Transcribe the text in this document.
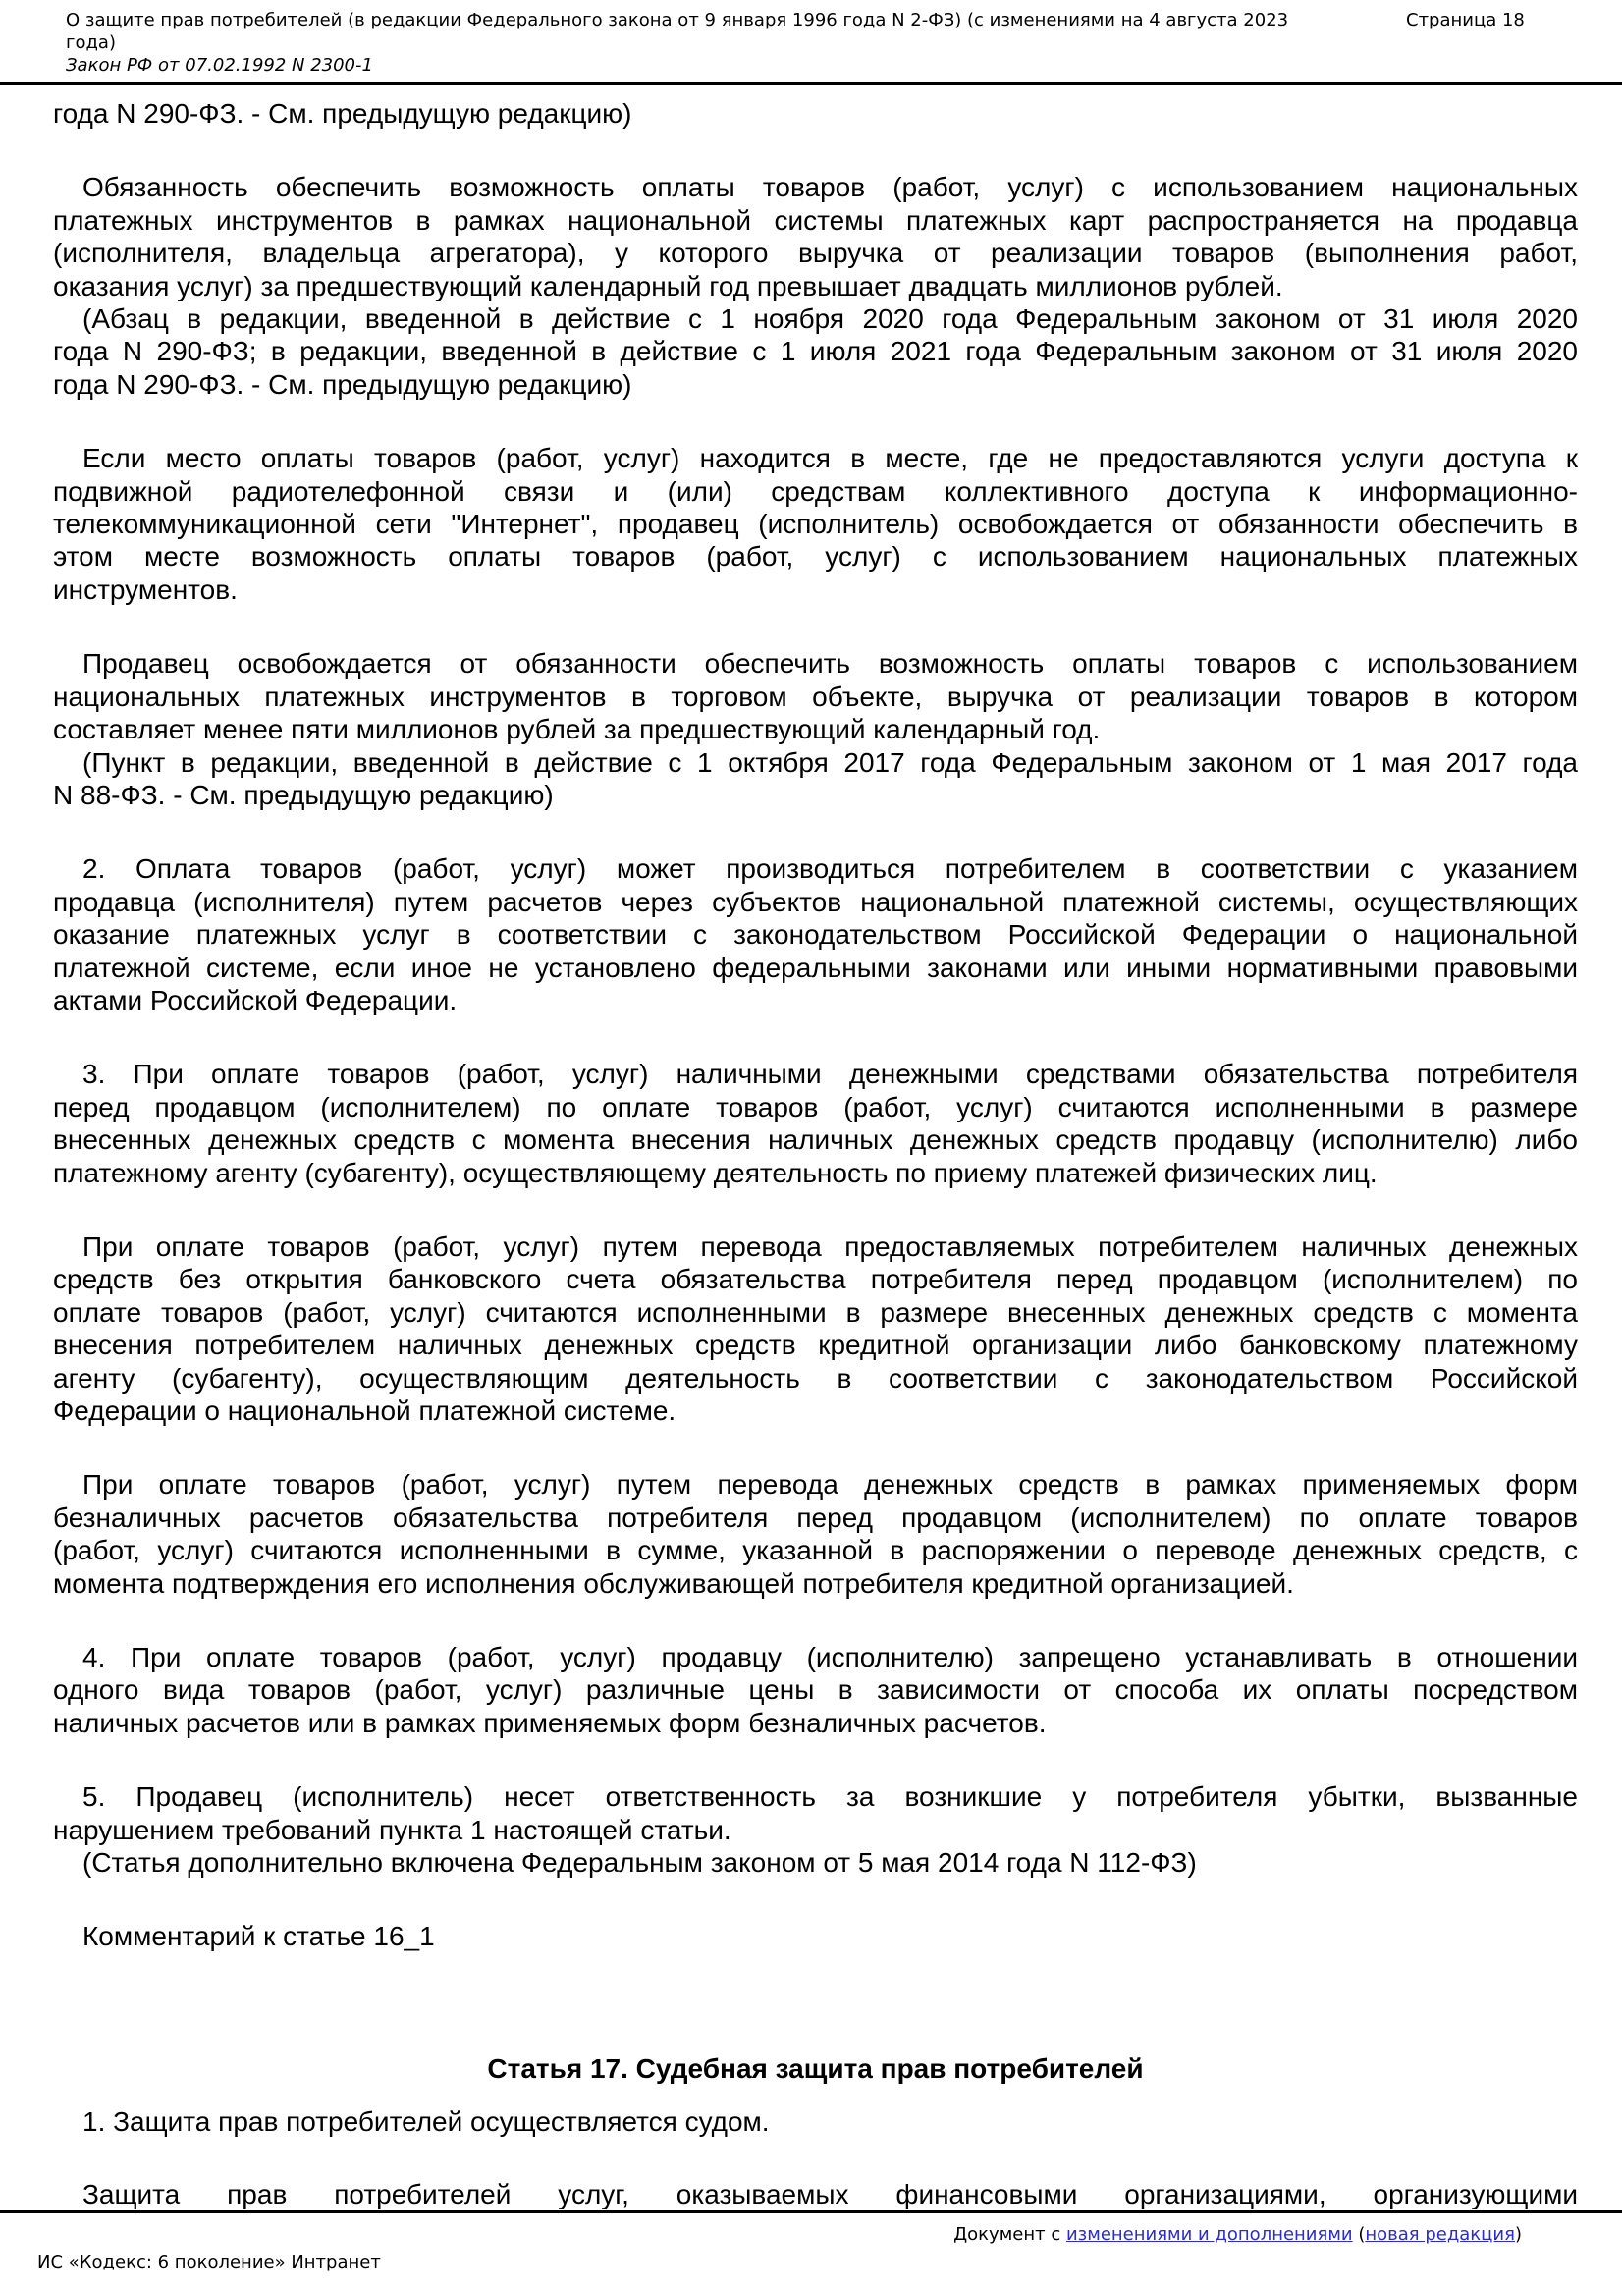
О защите прав потребителей (в редакции Федерального закона от 9 января 1996 года N 2-ФЗ) (с изменениями на 4 августа 2023
года)
Страница 18
Закон РФ от 07.02.1992 N 2300-1
года N 290-ФЗ. - См. предыдущую редакцию)
Обязанность обеспечить возможность оплаты товаров (работ, услуг) с использованием национальных
платежных инструментов в рамках национальной системы платежных карт распространяется на продавца
(исполнителя, владельца агрегатора), у которого выручка от реализации товаров (выполнения работ,
оказания услуг) за предшествующий календарный год превышает двадцать миллионов рублей.
(Абзац в редакции, введенной в действие с 1 ноября 2020 года Федеральным законом от 31 июля 2020
года N 290-ФЗ; в редакции, введенной в действие с 1 июля 2021 года Федеральным законом от 31 июля 2020
года N 290-ФЗ. - См. предыдущую редакцию)
Если место оплаты товаров (работ, услуг) находится в месте, где не предоставляются услуги доступа к
подвижной радиотелефонной связи и (или) средствам коллективного доступа к информационно-
телекоммуникационной сети "Интернет", продавец (исполнитель) освобождается от обязанности обеспечить в
этом месте возможность оплаты товаров (работ, услуг) с использованием национальных платежных
инструментов.
Продавец освобождается от обязанности обеспечить возможность оплаты товаров с использованием
национальных платежных инструментов в торговом объекте, выручка от реализации товаров в котором
составляет менее пяти миллионов рублей за предшествующий календарный год.
(Пункт в редакции, введенной в действие с 1 октября 2017 года Федеральным законом от 1 мая 2017 года
N 88-ФЗ. - См. предыдущую редакцию)
2. Оплата товаров (работ, услуг) может производиться потребителем в соответствии с указанием
продавца (исполнителя) путем расчетов через субъектов национальной платежной системы, осуществляющих
оказание платежных услуг в соответствии с законодательством Российской Федерации о национальной
платежной системе, если иное не установлено федеральными законами или иными нормативными правовыми
актами Российской Федерации.
3. При оплате товаров (работ, услуг) наличными денежными средствами обязательства потребителя
перед продавцом (исполнителем) по оплате товаров (работ, услуг) считаются исполненными в размере
внесенных денежных средств с момента внесения наличных денежных средств продавцу (исполнителю) либо
платежному агенту (субагенту), осуществляющему деятельность по приему платежей физических лиц.
При оплате товаров (работ, услуг) путем перевода предоставляемых потребителем наличных денежных
средств без открытия банковского счета обязательства потребителя перед продавцом (исполнителем) по
оплате товаров (работ, услуг) считаются исполненными в размере внесенных денежных средств с момента
внесения потребителем наличных денежных средств кредитной организации либо банковскому платежному
агенту (субагенту), осуществляющим деятельность в соответствии с законодательством Российской
Федерации о национальной платежной системе.
При оплате товаров (работ, услуг) путем перевода денежных средств в рамках применяемых форм
безналичных расчетов обязательства потребителя перед продавцом (исполнителем) по оплате товаров
(работ, услуг) считаются исполненными в сумме, указанной в распоряжении о переводе денежных средств, с
момента подтверждения его исполнения обслуживающей потребителя кредитной организацией.
4. При оплате товаров (работ, услуг) продавцу (исполнителю) запрещено устанавливать в отношении
одного вида товаров (работ, услуг) различные цены в зависимости от способа их оплаты посредством
наличных расчетов или в рамках применяемых форм безналичных расчетов.
5. Продавец (исполнитель) несет ответственность за возникшие у потребителя убытки, вызванные
нарушением требований пункта 1 настоящей статьи.
(Статья дополнительно включена Федеральным законом от 5 мая 2014 года N 112-ФЗ)
Комментарий к статье 16_1
Статья 17. Судебная защита прав потребителей
1. Защита прав потребителей осуществляется судом.
Защита прав потребителей услуг, оказываемых финансовыми организациями, организующими
Документ с изменениями и дополнениями (новая редакция)
ИС «Кодекс: 6 поколение» Интранет
